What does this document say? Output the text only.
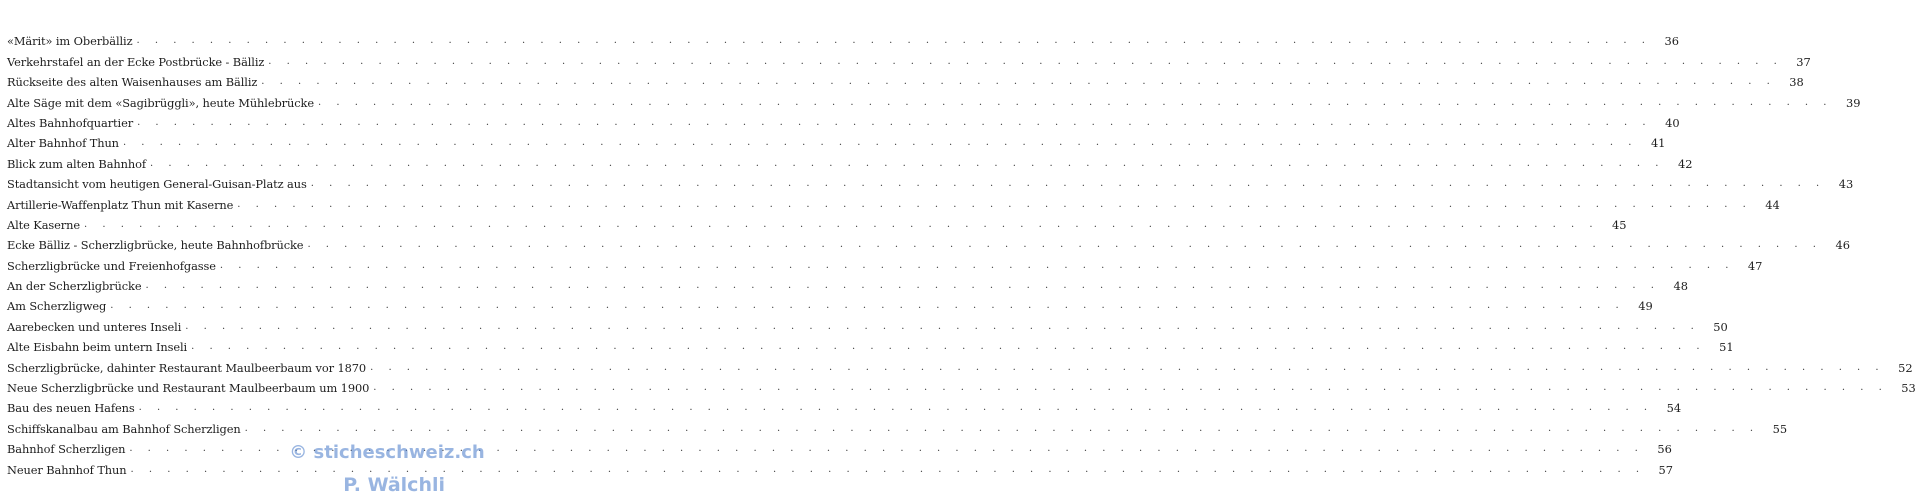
«Märit» im Oberbälliz . . .	36
Verkehrstafel an der Ecke Postbrücke - Bälliz . . .	37
Rückseite des alten Waisenhauses am Bälliz . . .	38
Alte Säge mit dem «Sagibrüggli», heute Mühlebrücke . . .	39
Altes Bahnhofquartier . . .	40
Alter Bahnhof Thun . . .	41
Blick zum alten Bahnhof . . .	42
Stadtansicht vom heutigen General-Guisan-Platz aus . . .	43
Artillerie-Waffenplatz Thun mit Kaserne . . .	44
Alte Kaserne . . .	45
Ecke Bälliz - Scherzligbrücke, heute Bahnhofbrücke . . .	46
Scherzligbrücke und Freienhofgasse . . .	47
An der Scherzligbrücke . . .	48
Am Scherzligweg . . .	49
Aarebecken und unteres Inseli . . .	50
Alte Eisbahn beim untern Inseli . . .	51
Scherzligbrücke, dahinter Restaurant Maulbeerbaum vor 1870 . . .	52
Neue Scherzligbrücke und Restaurant Maulbeerbaum um 1900 . . .	53
Bau des neuen Hafens . . .	54
Schiffskanalbau am Bahnhof Scherzligen . . .	55
Bahnhof Scherzligen . . .	56
Neuer Bahnhof Thun . . .	57
© sticheschweiz.ch
P. Wälchli
